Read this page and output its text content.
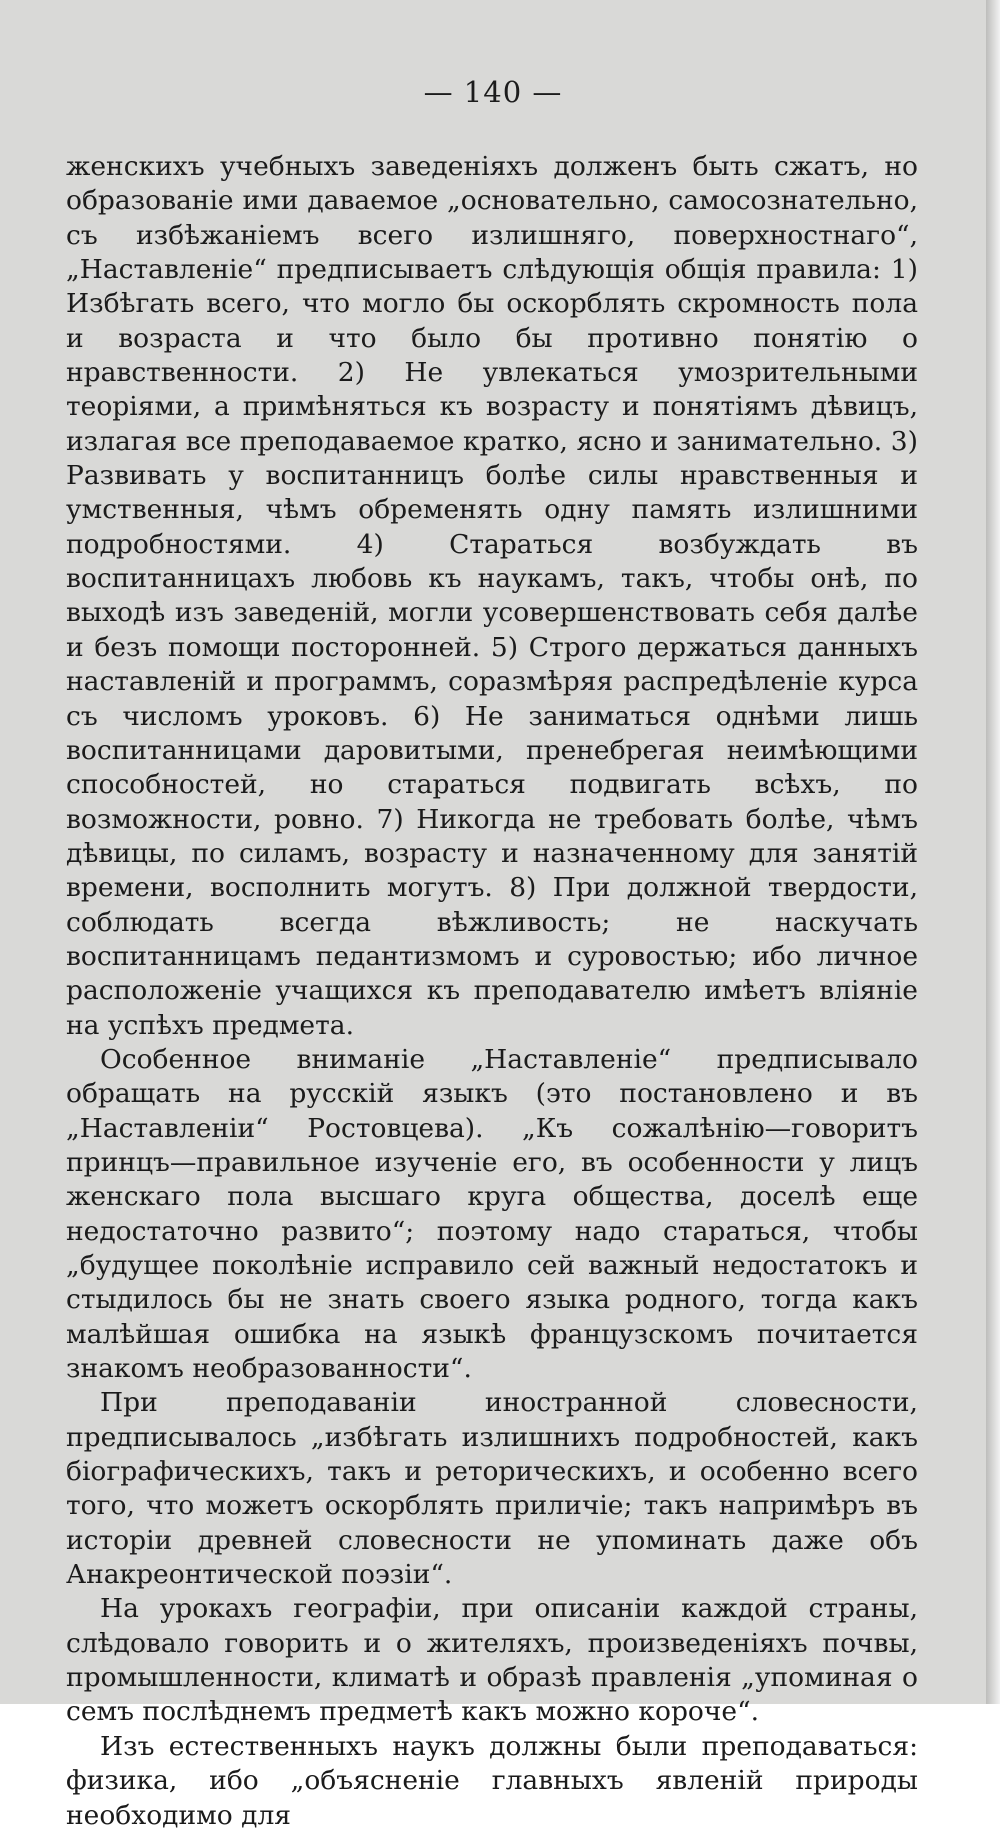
— 140 —

женскихъ учебныхъ заведеніяхъ долженъ быть сжатъ, но образованіе ими даваемое „основательно, самосознательно, съ избѣжаніемъ всего излишняго, поверхностнаго“, „Наставленіе“ предписываетъ слѣдующія общія правила: 1) Избѣгать всего, что могло бы оскорблять скромность пола и возраста и что было бы противно понятію о нравственности. 2) Не увлекаться умозрительными теоріями, а примѣняться къ возрасту и понятіямъ дѣвицъ, излагая все преподаваемое кратко, ясно и занимательно. 3) Развивать у воспитанницъ болѣе силы нравственныя и умственныя, чѣмъ обременять одну память излишними подробностями. 4) Стараться возбуждать въ воспитанницахъ любовь къ наукамъ, такъ, чтобы онѣ, по выходѣ изъ заведеній, могли усовершенствовать себя далѣе и безъ помощи посторонней. 5) Строго держаться данныхъ наставленій и программъ, соразмѣряя распредѣленіе курса съ числомъ уроковъ. 6) Не заниматься однѣми лишь воспитанницами даровитыми, пренебрегая неимѣющими способностей, но стараться подвигать всѣхъ, по возможности, ровно. 7) Никогда не требовать болѣе, чѣмъ дѣвицы, по силамъ, возрасту и назначенному для занятій времени, восполнить могутъ. 8) При должной твердости, соблюдать всегда вѣжливость; не наскучать воспитанницамъ педантизмомъ и суровостью; ибо личное расположеніе учащихся къ преподавателю имѣетъ вліяніе на успѣхъ предмета.

Особенное вниманіе „Наставленіе“ предписывало обращать на русскій языкъ (это постановлено и въ „Наставленіи“ Ростовцева). „Къ сожалѣнію—говоритъ принцъ—правильное изученіе его, въ особенности у лицъ женскаго пола высшаго круга общества, доселѣ еще недостаточно развито“; поэтому надо стараться, чтобы „будущее поколѣніе исправило сей важный недостатокъ и стыдилось бы не знать своего языка родного, тогда какъ малѣйшая ошибка на языкѣ французскомъ почитается знакомъ необразованности“.

При преподаваніи иностранной словесности, предписывалось „избѣгать излишнихъ подробностей, какъ біографическихъ, такъ и реторическихъ, и особенно всего того, что можетъ оскорблять приличіе; такъ напримѣръ въ исторіи древней словесности не упоминать даже объ Анакреонтической поэзіи“.

На урокахъ географіи, при описаніи каждой страны, слѣдовало говорить и о жителяхъ, произведеніяхъ почвы, промышленности, климатѣ и образѣ правленія „упоминая о семъ послѣднемъ предметѣ какъ можно короче“.

Изъ естественныхъ наукъ должны были преподаваться: физика, ибо „объясненіе главныхъ явленій природы необходимо для
